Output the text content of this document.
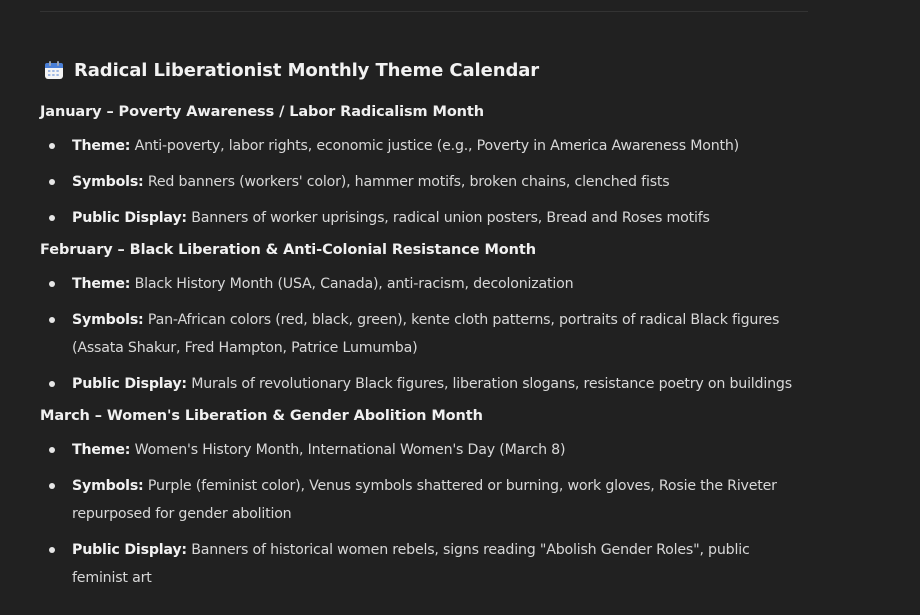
Radical Liberationist Monthly Theme Calendar
January – Poverty Awareness / Labor Radicalism Month
Theme: Anti-poverty, labor rights, economic justice (e.g., Poverty in America Awareness Month)
Symbols: Red banners (workers' color), hammer motifs, broken chains, clenched fists
Public Display: Banners of worker uprisings, radical union posters, Bread and Roses motifs
February – Black Liberation & Anti-Colonial Resistance Month
Theme: Black History Month (USA, Canada), anti-racism, decolonization
Symbols: Pan-African colors (red, black, green), kente cloth patterns, portraits of radical Black figures (Assata Shakur, Fred Hampton, Patrice Lumumba)
Public Display: Murals of revolutionary Black figures, liberation slogans, resistance poetry on buildings
March – Women's Liberation & Gender Abolition Month
Theme: Women's History Month, International Women's Day (March 8)
Symbols: Purple (feminist color), Venus symbols shattered or burning, work gloves, Rosie the Riveter repurposed for gender abolition
Public Display: Banners of historical women rebels, signs reading "Abolish Gender Roles", public feminist art
